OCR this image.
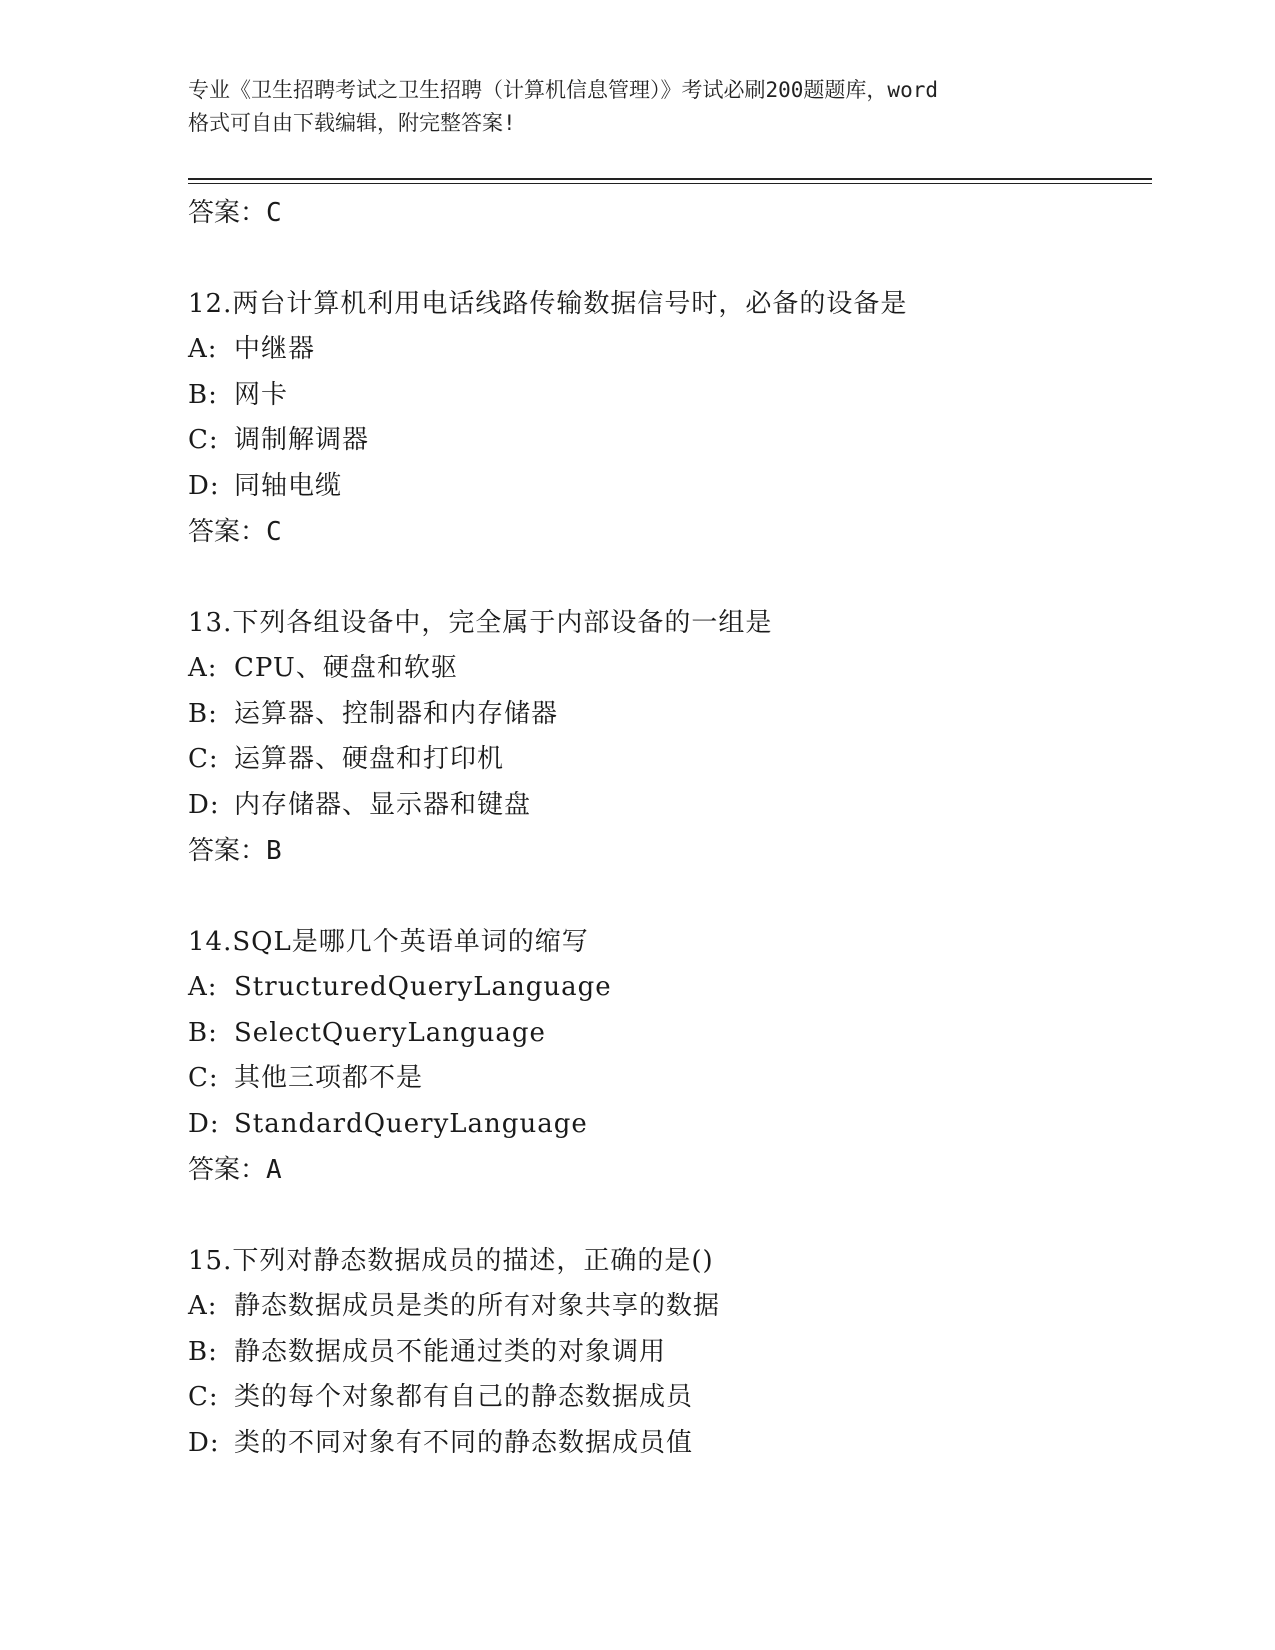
专业《卫生招聘考试之卫生招聘（计算机信息管理）》考试必刷200题题库，word
格式可自由下载编辑，附完整答案!
答案：C
12.两台计算机利用电话线路传输数据信号时，必备的设备是
A: 中继器
B: 网卡
C: 调制解调器
D: 同轴电缆
答案：C
13.下列各组设备中，完全属于内部设备的一组是
A: CPU、硬盘和软驱
B: 运算器、控制器和内存储器
C: 运算器、硬盘和打印机
D: 内存储器、显示器和键盘
答案：B
14.SQL是哪几个英语单词的缩写
A: StructuredQueryLanguage
B: SelectQueryLanguage
C: 其他三项都不是
D: StandardQueryLanguage
答案：A
15.下列对静态数据成员的描述，正确的是()
A: 静态数据成员是类的所有对象共享的数据
B: 静态数据成员不能通过类的对象调用
C: 类的每个对象都有自己的静态数据成员
D: 类的不同对象有不同的静态数据成员值
